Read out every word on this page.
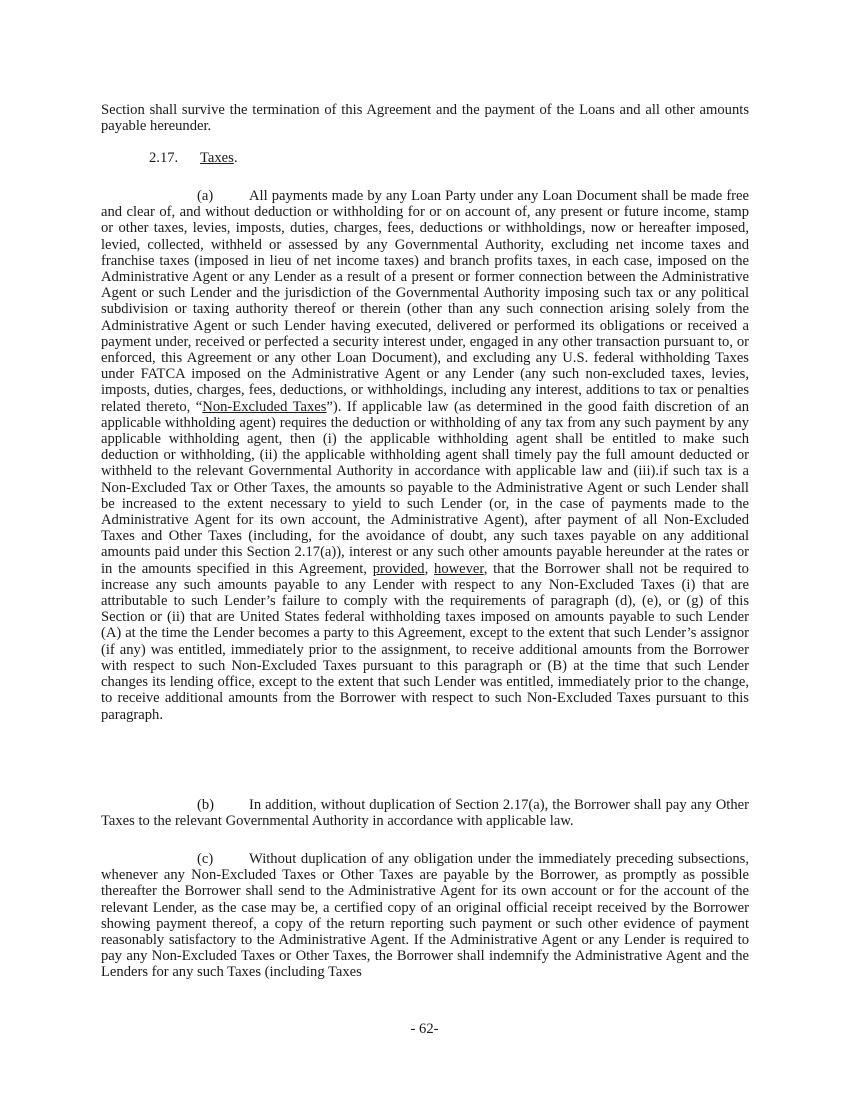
Section shall survive the termination of this Agreement and the payment of the Loans and all other amounts payable hereunder.

2.17. Taxes.

(a) All payments made by any Loan Party under any Loan Document shall be made free and clear of, and without deduction or withholding for or on account of, any present or future income, stamp or other taxes, levies, imposts, duties, charges, fees, deductions or withholdings, now or hereafter imposed, levied, collected, withheld or assessed by any Governmental Authority, excluding net income taxes and franchise taxes (imposed in lieu of net income taxes) and branch profits taxes, in each case, imposed on the Administrative Agent or any Lender as a result of a present or former connection between the Administrative Agent or such Lender and the jurisdiction of the Governmental Authority imposing such tax or any political subdivision or taxing authority thereof or therein (other than any such connection arising solely from the Administrative Agent or such Lender having executed, delivered or performed its obligations or received a payment under, received or perfected a security interest under, engaged in any other transaction pursuant to, or enforced, this Agreement or any other Loan Document), and excluding any U.S. federal withholding Taxes under FATCA imposed on the Administrative Agent or any Lender (any such non-excluded taxes, levies, imposts, duties, charges, fees, deductions, or withholdings, including any interest, additions to tax or penalties related thereto, “Non-Excluded Taxes”). If applicable law (as determined in the good faith discretion of an applicable withholding agent) requires the deduction or withholding of any tax from any such payment by any applicable withholding agent, then (i) the applicable withholding agent shall be entitled to make such deduction or withholding, (ii) the applicable withholding agent shall timely pay the full amount deducted or withheld to the relevant Governmental Authority in accordance with applicable law and (iii).if such tax is a Non-Excluded Tax or Other Taxes, the amounts so payable to the Administrative Agent or such Lender shall be increased to the extent necessary to yield to such Lender (or, in the case of payments made to the Administrative Agent for its own account, the Administrative Agent), after payment of all Non-Excluded Taxes and Other Taxes (including, for the avoidance of doubt, any such taxes payable on any additional amounts paid under this Section 2.17(a)), interest or any such other amounts payable hereunder at the rates or in the amounts specified in this Agreement, provided, however, that the Borrower shall not be required to increase any such amounts payable to any Lender with respect to any Non-Excluded Taxes (i) that are attributable to such Lender’s failure to comply with the requirements of paragraph (d), (e), or (g) of this Section or (ii) that are United States federal withholding taxes imposed on amounts payable to such Lender (A) at the time the Lender becomes a party to this Agreement, except to the extent that such Lender’s assignor (if any) was entitled, immediately prior to the assignment, to receive additional amounts from the Borrower with respect to such Non-Excluded Taxes pursuant to this paragraph or (B) at the time that such Lender changes its lending office, except to the extent that such Lender was entitled, immediately prior to the change, to receive additional amounts from the Borrower with respect to such Non-Excluded Taxes pursuant to this paragraph.

(b) In addition, without duplication of Section 2.17(a), the Borrower shall pay any Other Taxes to the relevant Governmental Authority in accordance with applicable law.

(c) Without duplication of any obligation under the immediately preceding subsections, whenever any Non-Excluded Taxes or Other Taxes are payable by the Borrower, as promptly as possible thereafter the Borrower shall send to the Administrative Agent for its own account or for the account of the relevant Lender, as the case may be, a certified copy of an original official receipt received by the Borrower showing payment thereof, a copy of the return reporting such payment or such other evidence of payment reasonably satisfactory to the Administrative Agent. If the Administrative Agent or any Lender is required to pay any Non-Excluded Taxes or Other Taxes, the Borrower shall indemnify the Administrative Agent and the Lenders for any such Taxes (including Taxes

- 62-
